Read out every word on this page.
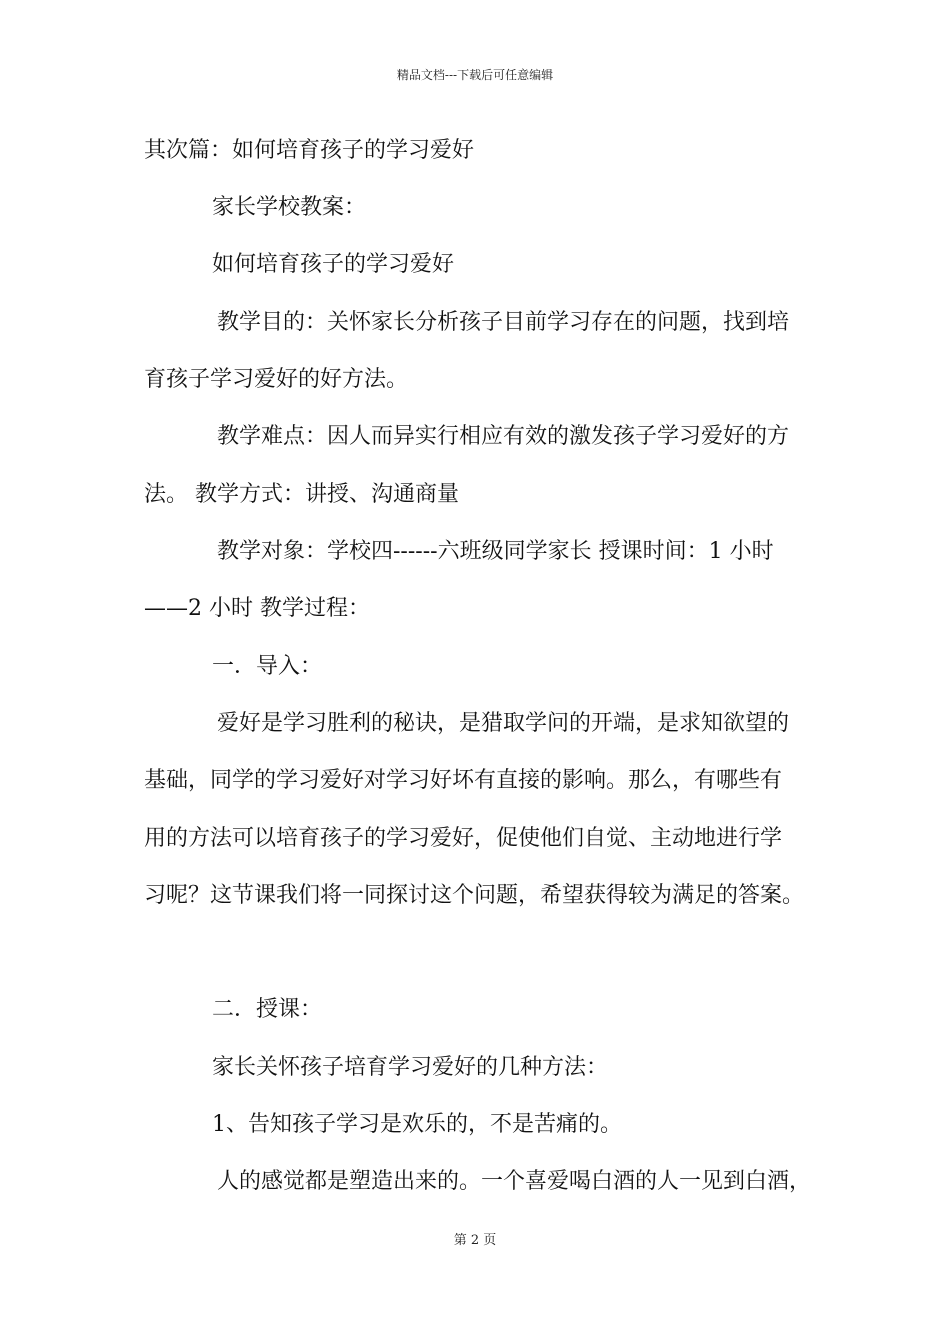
精品文档---下载后可任意编辑
其次篇：如何培育孩子的学习爱好
家长学校教案：
如何培育孩子的学习爱好
教学目的：关怀家长分析孩子目前学习存在的问题，找到培
育孩子学习爱好的好方法。
教学难点：因人而异实行相应有效的激发孩子学习爱好的方
法。 教学方式：讲授、沟通商量
教学对象：学校四------六班级同学家长 授课时间：1 小时
——2 小时 教学过程：
一．导入：
爱好是学习胜利的秘诀，是猎取学问的开端，是求知欲望的
基础，同学的学习爱好对学习好坏有直接的影响。那么，有哪些有
用的方法可以培育孩子的学习爱好，促使他们自觉、主动地进行学
习呢？这节课我们将一同探讨这个问题，希望获得较为满足的答案。
二．授课：
家长关怀孩子培育学习爱好的几种方法：
1、告知孩子学习是欢乐的，不是苦痛的。
人的感觉都是塑造出来的。一个喜爱喝白酒的人一见到白酒，
第 2 页
